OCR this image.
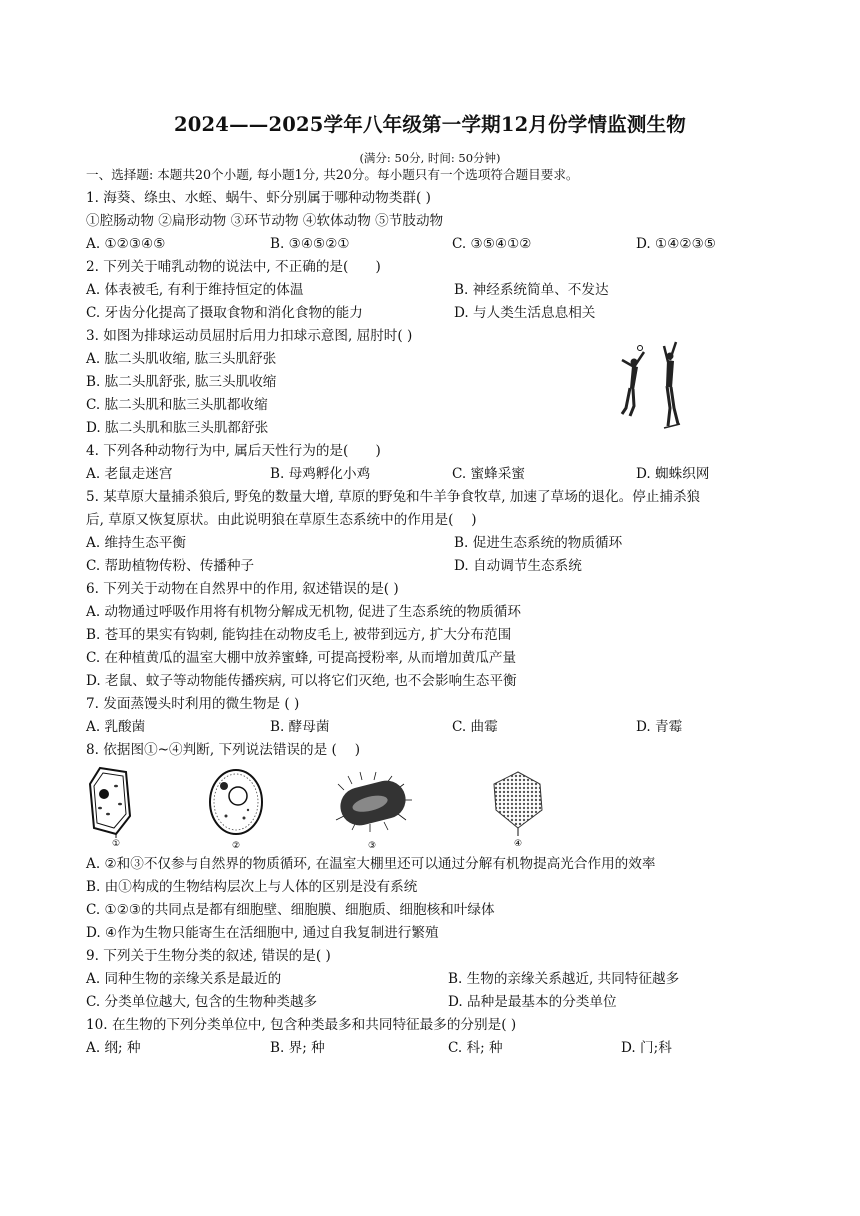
2024——2025学年八年级第一学期12月份学情监测生物
(满分: 50分, 时间: 50分钟)
一、选择题: 本题共20个小题, 每小题1分, 共20分。每小题只有一个选项符合题目要求。
1. 海葵、绦虫、水蛭、蜗牛、虾分别属于哪种动物类群( )
①腔肠动物 ②扁形动物 ③环节动物 ④软体动物 ⑤节肢动物
A. ①②③④⑤	B. ③④⑤②①	C. ③⑤④①②	D. ①④②③⑤
2. 下列关于哺乳动物的说法中, 不正确的是(　　)
A. 体表被毛, 有利于维持恒定的体温	B. 神经系统简单、不发达
C. 牙齿分化提高了摄取食物和消化食物的能力	D. 与人类生活息息相关
3. 如图为排球运动员屈肘后用力扣球示意图, 屈肘时( )
A. 肱二头肌收缩, 肱三头肌舒张
B. 肱二头肌舒张, 肱三头肌收缩
C. 肱二头肌和肱三头肌都收缩
D. 肱二头肌和肱三头肌都舒张
4. 下列各种动物行为中, 属后天性行为的是(　　)
A. 老鼠走迷宫	B. 母鸡孵化小鸡	C. 蜜蜂采蜜	D. 蜘蛛织网
5. 某草原大量捕杀狼后, 野兔的数量大增, 草原的野兔和牛羊争食牧草, 加速了草场的退化。停止捕杀狼
后, 草原又恢复原状。由此说明狼在草原生态系统中的作用是(　 )
A. 维持生态平衡	B. 促进生态系统的物质循环
C. 帮助植物传粉、传播种子	D. 自动调节生态系统
6. 下列关于动物在自然界中的作用, 叙述错误的是( )
A. 动物通过呼吸作用将有机物分解成无机物, 促进了生态系统的物质循环
B. 苍耳的果实有钩刺, 能钩挂在动物皮毛上, 被带到远方, 扩大分布范围
C. 在种植黄瓜的温室大棚中放养蜜蜂, 可提高授粉率, 从而增加黄瓜产量
D. 老鼠、蚊子等动物能传播疾病, 可以将它们灭绝, 也不会影响生态平衡
7. 发面蒸馒头时利用的微生物是 ( )
A. 乳酸菌	B. 酵母菌	C. 曲霉	D. 青霉
8. 依据图①~④判断, 下列说法错误的是 (　 )
①	②	③	④
A. ②和③不仅参与自然界的物质循环, 在温室大棚里还可以通过分解有机物提高光合作用的效率
B. 由①构成的生物结构层次上与人体的区别是没有系统
C. ①②③的共同点是都有细胞壁、细胞膜、细胞质、细胞核和叶绿体
D. ④作为生物只能寄生在活细胞中, 通过自我复制进行繁殖
9. 下列关于生物分类的叙述, 错误的是( )
A. 同种生物的亲缘关系是最近的	B. 生物的亲缘关系越近, 共同特征越多
C. 分类单位越大, 包含的生物种类越多	D. 品种是最基本的分类单位
10. 在生物的下列分类单位中, 包含种类最多和共同特征最多的分别是( )
A. 纲; 种	B. 界; 种	C. 科; 种	D. 门;科
